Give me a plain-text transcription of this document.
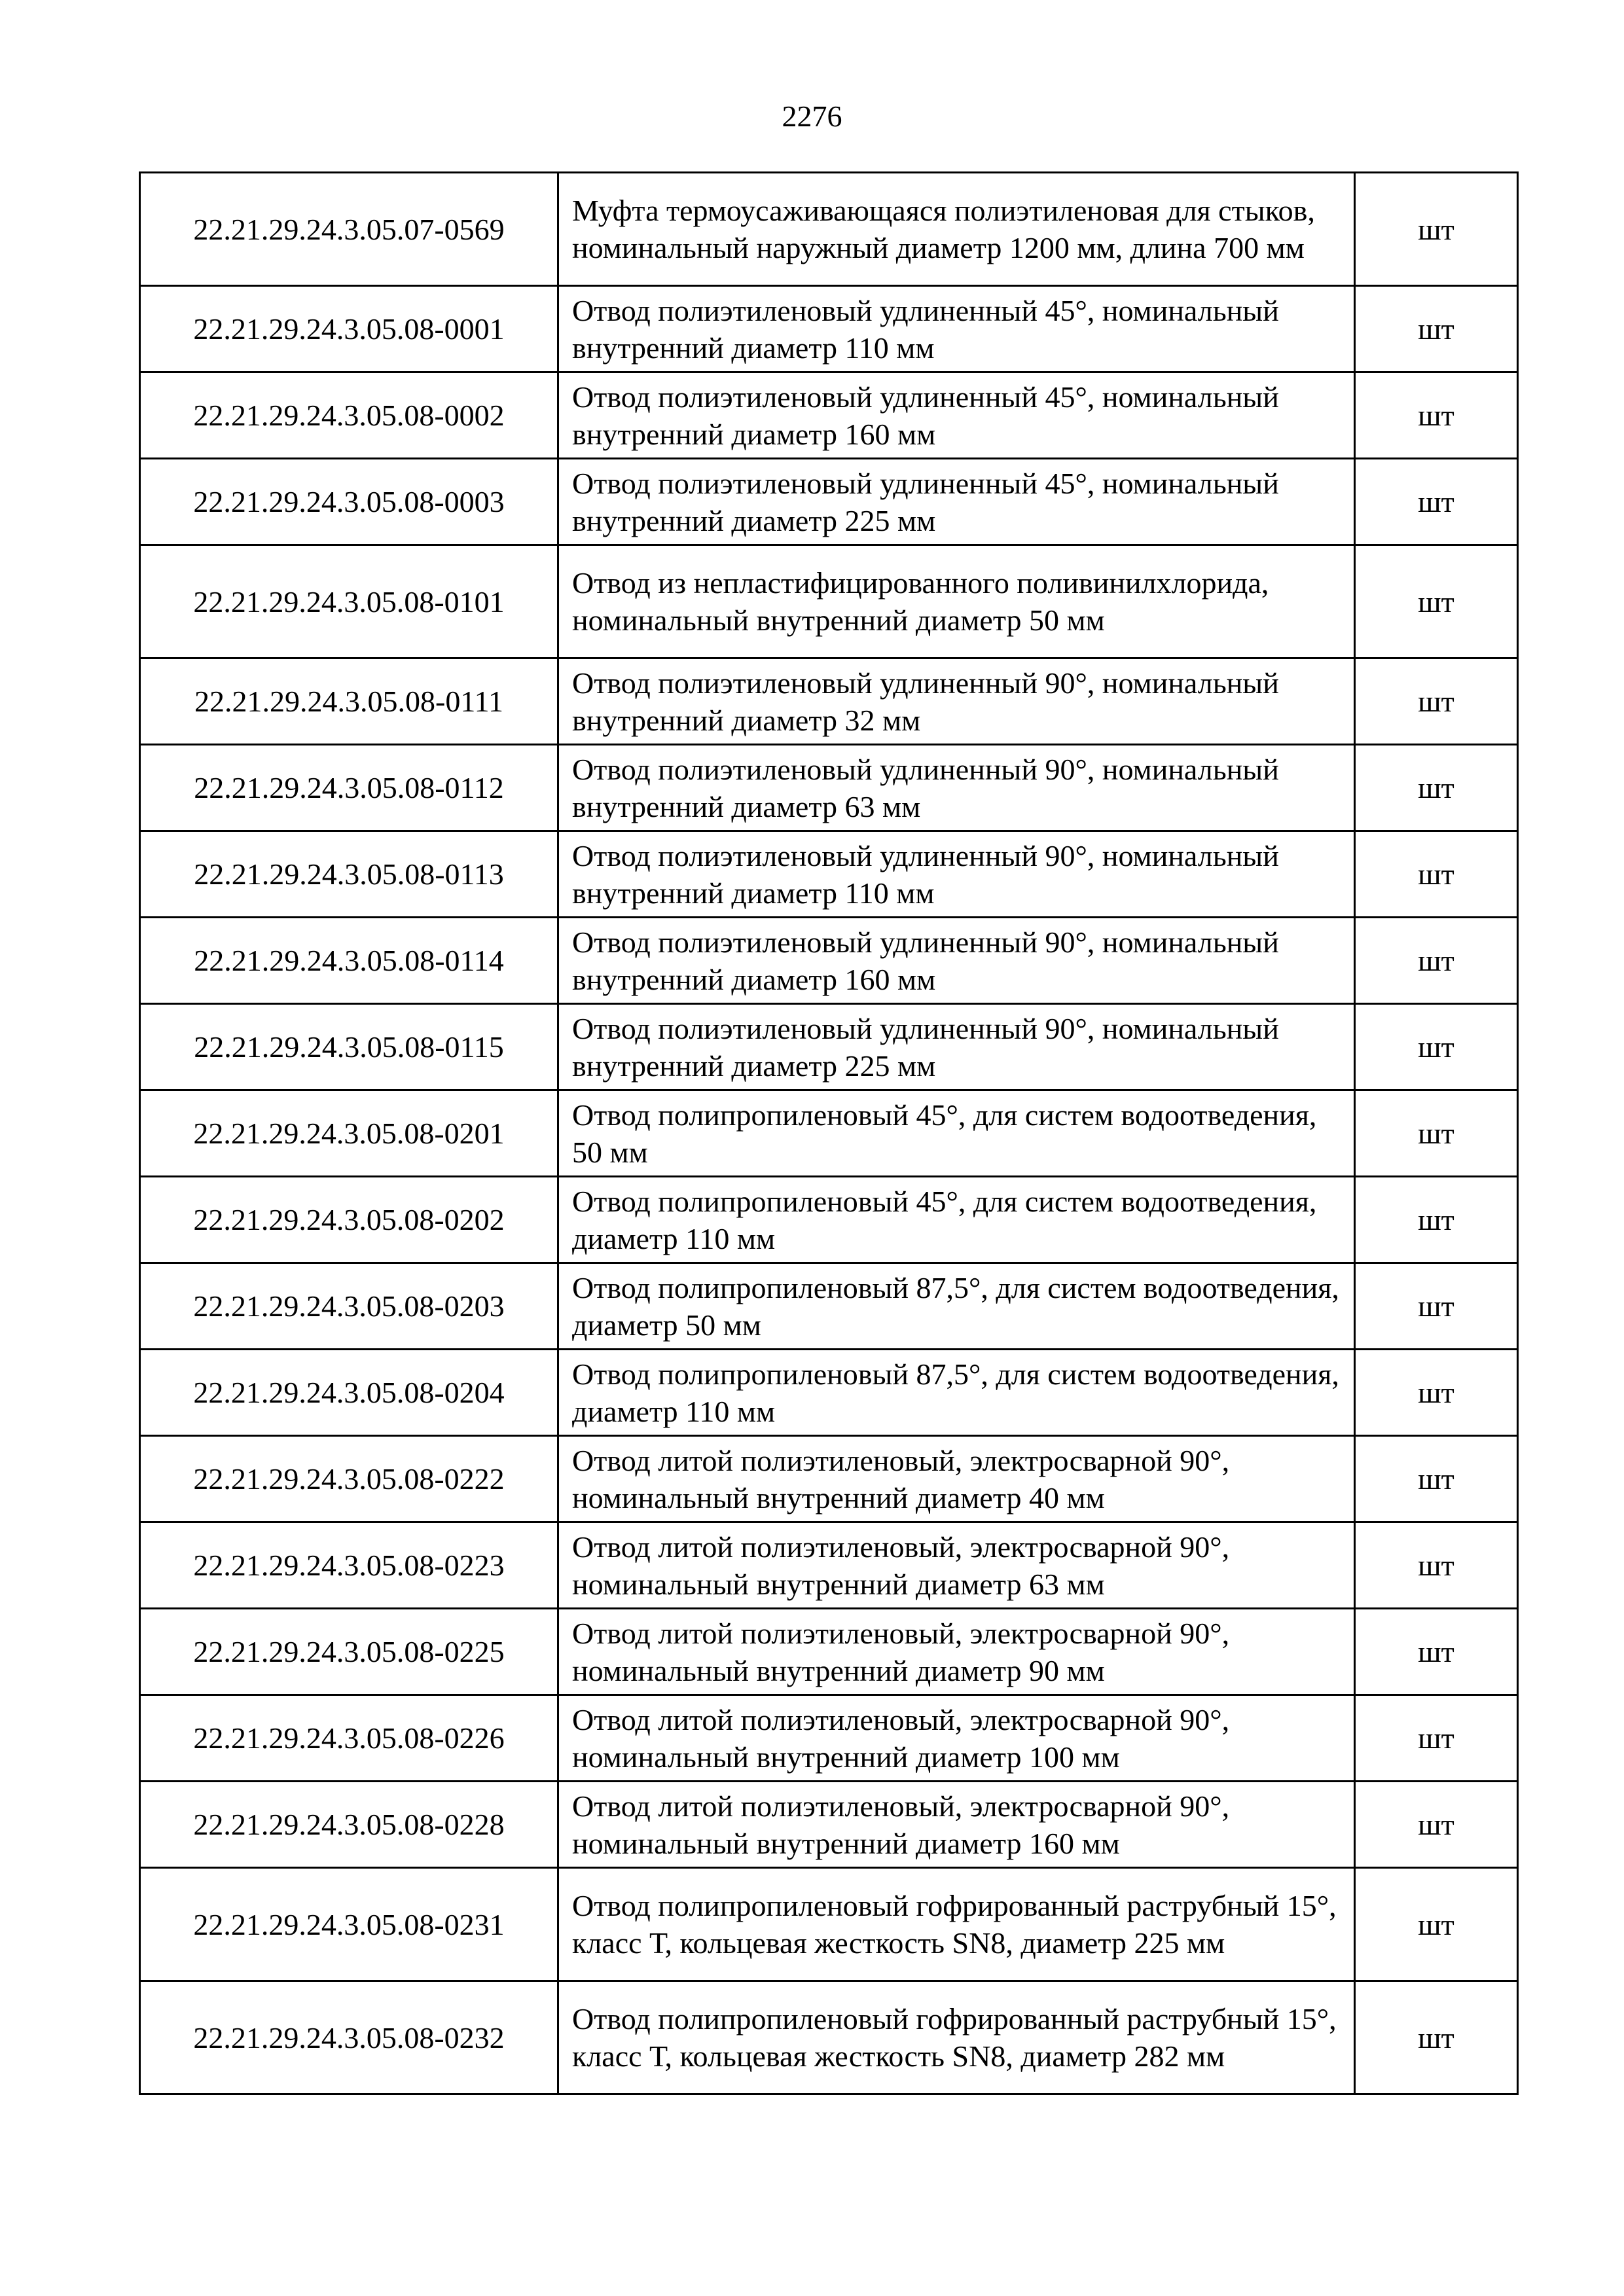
2276
22.21.29.24.3.05.07-0569	Муфта термоусаживающаяся полиэтиленовая для стыков, номинальный наружный диаметр 1200 мм, длина 700 мм	шт
22.21.29.24.3.05.08-0001	Отвод полиэтиленовый удлиненный 45°, номинальный внутренний диаметр 110 мм	шт
22.21.29.24.3.05.08-0002	Отвод полиэтиленовый удлиненный 45°, номинальный внутренний диаметр 160 мм	шт
22.21.29.24.3.05.08-0003	Отвод полиэтиленовый удлиненный 45°, номинальный внутренний диаметр 225 мм	шт
22.21.29.24.3.05.08-0101	Отвод из непластифицированного поливинилхлорида, номинальный внутренний диаметр 50 мм	шт
22.21.29.24.3.05.08-0111	Отвод полиэтиленовый удлиненный 90°, номинальный внутренний диаметр 32 мм	шт
22.21.29.24.3.05.08-0112	Отвод полиэтиленовый удлиненный 90°, номинальный внутренний диаметр 63 мм	шт
22.21.29.24.3.05.08-0113	Отвод полиэтиленовый удлиненный 90°, номинальный внутренний диаметр 110 мм	шт
22.21.29.24.3.05.08-0114	Отвод полиэтиленовый удлиненный 90°, номинальный внутренний диаметр 160 мм	шт
22.21.29.24.3.05.08-0115	Отвод полиэтиленовый удлиненный 90°, номинальный внутренний диаметр 225 мм	шт
22.21.29.24.3.05.08-0201	Отвод полипропиленовый 45°, для систем водоотведения, 50 мм	шт
22.21.29.24.3.05.08-0202	Отвод полипропиленовый 45°, для систем водоотведения, диаметр 110 мм	шт
22.21.29.24.3.05.08-0203	Отвод полипропиленовый 87,5°, для систем водоотведения, диаметр 50 мм	шт
22.21.29.24.3.05.08-0204	Отвод полипропиленовый 87,5°, для систем водоотведения, диаметр 110 мм	шт
22.21.29.24.3.05.08-0222	Отвод литой полиэтиленовый, электросварной 90°, номинальный внутренний диаметр 40 мм	шт
22.21.29.24.3.05.08-0223	Отвод литой полиэтиленовый, электросварной 90°, номинальный внутренний диаметр 63 мм	шт
22.21.29.24.3.05.08-0225	Отвод литой полиэтиленовый, электросварной 90°, номинальный внутренний диаметр 90 мм	шт
22.21.29.24.3.05.08-0226	Отвод литой полиэтиленовый, электросварной 90°, номинальный внутренний диаметр 100 мм	шт
22.21.29.24.3.05.08-0228	Отвод литой полиэтиленовый, электросварной 90°, номинальный внутренний диаметр 160 мм	шт
22.21.29.24.3.05.08-0231	Отвод полипропиленовый гофрированный раструбный 15°, класс Т, кольцевая жесткость SN8, диаметр 225 мм	шт
22.21.29.24.3.05.08-0232	Отвод полипропиленовый гофрированный раструбный 15°, класс Т, кольцевая жесткость SN8, диаметр 282 мм	шт
